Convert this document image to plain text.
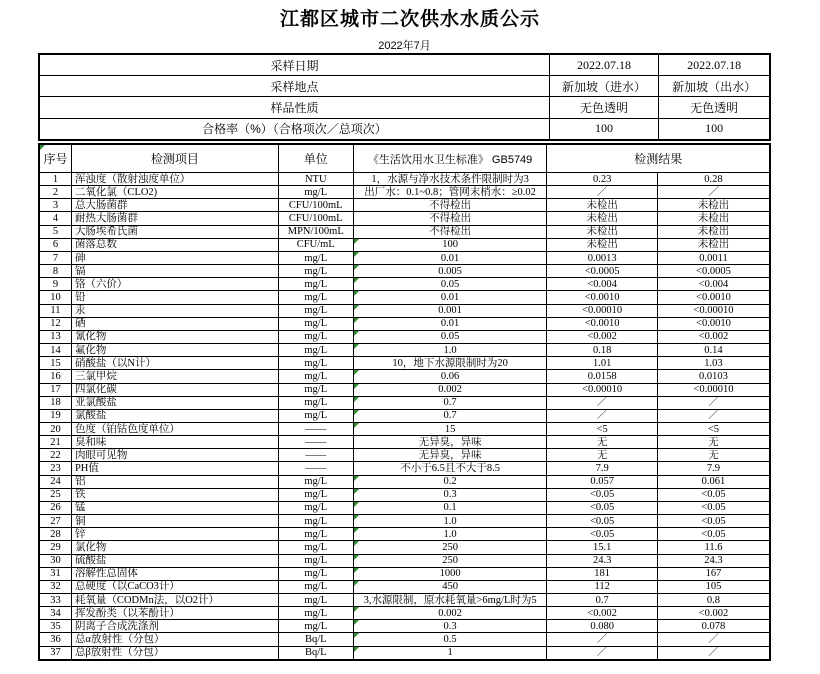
江都区城市二次供水水质公示
2022年7月
采样日期	2022.07.18	2022.07.18
采样地点	新加坡（进水）	新加坡（出水）
样品性质	无色透明	无色透明
合格率（%）（合格项次／总项次）	100	100
序号	检测项目	单位	《生活饮用水卫生标准》 GB5749	检测结果	
1	浑浊度（散射浊度单位）	NTU	1，水源与净水技术条件限制时为3	0.23	0.28
2	二氧化氯（CLO2)	mg/L	出厂水：0.1~0.8；管网末梢水：≥0.02	／	／
3	总大肠菌群	CFU/100mL	不得检出	未检出	未检出
4	耐热大肠菌群	CFU/100mL	不得检出	未检出	未检出
5	大肠埃希氏菌	MPN/100mL	不得检出	未检出	未检出
6	菌落总数	CFU/mL	100	未检出	未检出
7	砷	mg/L	0.01	0.0013	0.0011
8	镉	mg/L	0.005	<0.0005	<0.0005
9	铬（六价）	mg/L	0.05	<0.004	<0.004
10	铅	mg/L	0.01	<0.0010	<0.0010
11	汞	mg/L	0.001	<0.00010	<0.00010
12	硒	mg/L	0.01	<0.0010	<0.0010
13	氰化物	mg/L	0.05	<0.002	<0.002
14	氟化物	mg/L	1.0	0.18	0.14
15	硝酸盐（以N计）	mg/L	10，地下水源限制时为20	1.01	1.03
16	三氯甲烷	mg/L	0.06	0.0158	0.0103
17	四氯化碳	mg/L	0.002	<0.00010	<0.00010
18	亚氯酸盐	mg/L	0.7	／	／
19	氯酸盐	mg/L	0.7	／	／
20	色度（铂钴色度单位）	——	15	<5	<5
21	臭和味	——	无异臭，异味	无	无
22	肉眼可见物	——	无异臭，异味	无	无
23	PH值	——	不小于6.5且不大于8.5	7.9	7.9
24	铝	mg/L	0.2	0.057	0.061
25	铁	mg/L	0.3	<0.05	<0.05
26	锰	mg/L	0.1	<0.05	<0.05
27	铜	mg/L	1.0	<0.05	<0.05
28	锌	mg/L	1.0	<0.05	<0.05
29	氯化物	mg/L	250	15.1	11.6
30	硫酸盐	mg/L	250	24.3	24.3
31	溶解性总固体	mg/L	1000	181	167
32	总硬度（以CaCO3计）	mg/L	450	112	105
33	耗氧量（CODMn法，以O2计）	mg/L	3,水源限制，原水耗氧量>6mg/L时为5	0.7	0.8
34	挥发酚类（以苯酚计）	mg/L	0.002	<0.002	<0.002
35	阴离子合成洗涤剂	mg/L	0.3	0.080	0.078
36	总α放射性（分包）	Bq/L	0.5	／	／
37	总β放射性（分包）	Bq/L	1	／	／
